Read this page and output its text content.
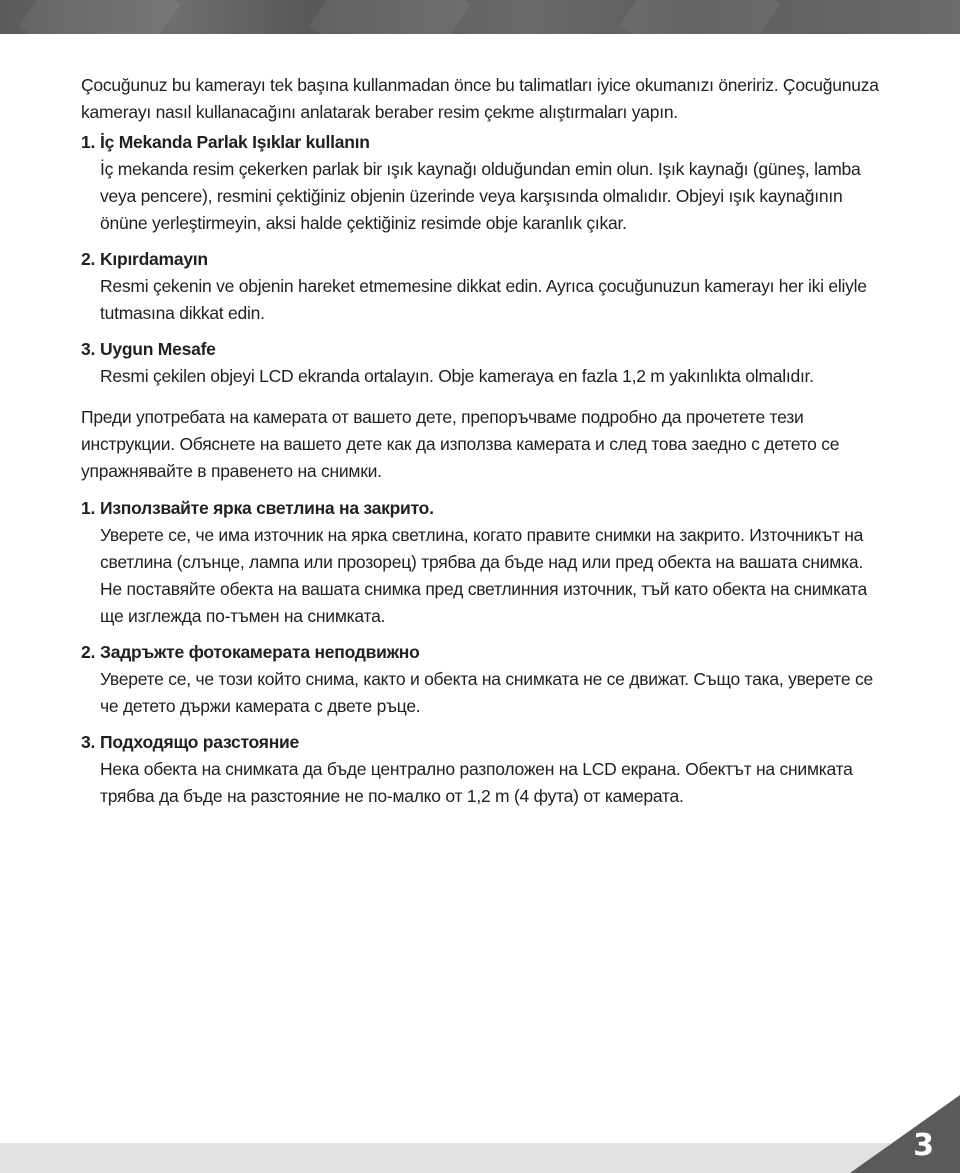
Çocuğunuz bu kamerayı tek başına kullanmadan önce bu talimatları iyice okumanızı öneririz. Çocuğunuza kamerayı nasıl kullanacağını anlatarak beraber resim çekme alıştırmaları yapın.

1. İç Mekanda Parlak Işıklar kullanın

İç mekanda resim çekerken parlak bir ışık kaynağı olduğundan emin olun. Işık kaynağı (güneş, lamba veya pencere), resmini çektiğiniz objenin üzerinde veya karşısında olmalıdır. Objeyi ışık kaynağının önüne yerleştirmeyin, aksi halde çektiğiniz resimde obje karanlık çıkar.

2. Kıpırdamayın

Resmi çekenin ve objenin hareket etmemesine dikkat edin. Ayrıca çocuğunuzun kamerayı her iki eliyle tutmasına dikkat edin.

3. Uygun Mesafe

Resmi çekilen objeyi LCD ekranda ortalayın. Obje kameraya en fazla 1,2 m yakınlıkta olmalıdır.

Преди употребата на камерата от вашето дете, препоръчваме подробно да прочетете тези инструкции. Обяснете на вашето дете как да използва камерата и след това заедно с детето се упражнявайте в правенето на снимки.

1. Използвайте ярка светлина на закрито.

Уверете се, че има източник на ярка светлина, когато правите снимки на закрито. Източникът на светлина (слънце, лампа или прозорец) трябва да бъде над или пред обекта на вашата снимка. Не поставяйте обекта на вашата снимка пред светлинния източник, тъй като обекта на снимката ще изглежда по-тъмен на снимката.

2. Задръжте фотокамерата неподвижно

Уверете се, че този който снима, както и обекта на снимката не се движат. Също така, уверете се че детето държи камерата с двете ръце.

3. Подходящо разстояние

Нека обекта на снимката да бъде централно разположен на LCD екрана. Обектът на снимката трябва да бъде на разстояние не по-малко от 1,2 m (4 фута) от камерата.

3
